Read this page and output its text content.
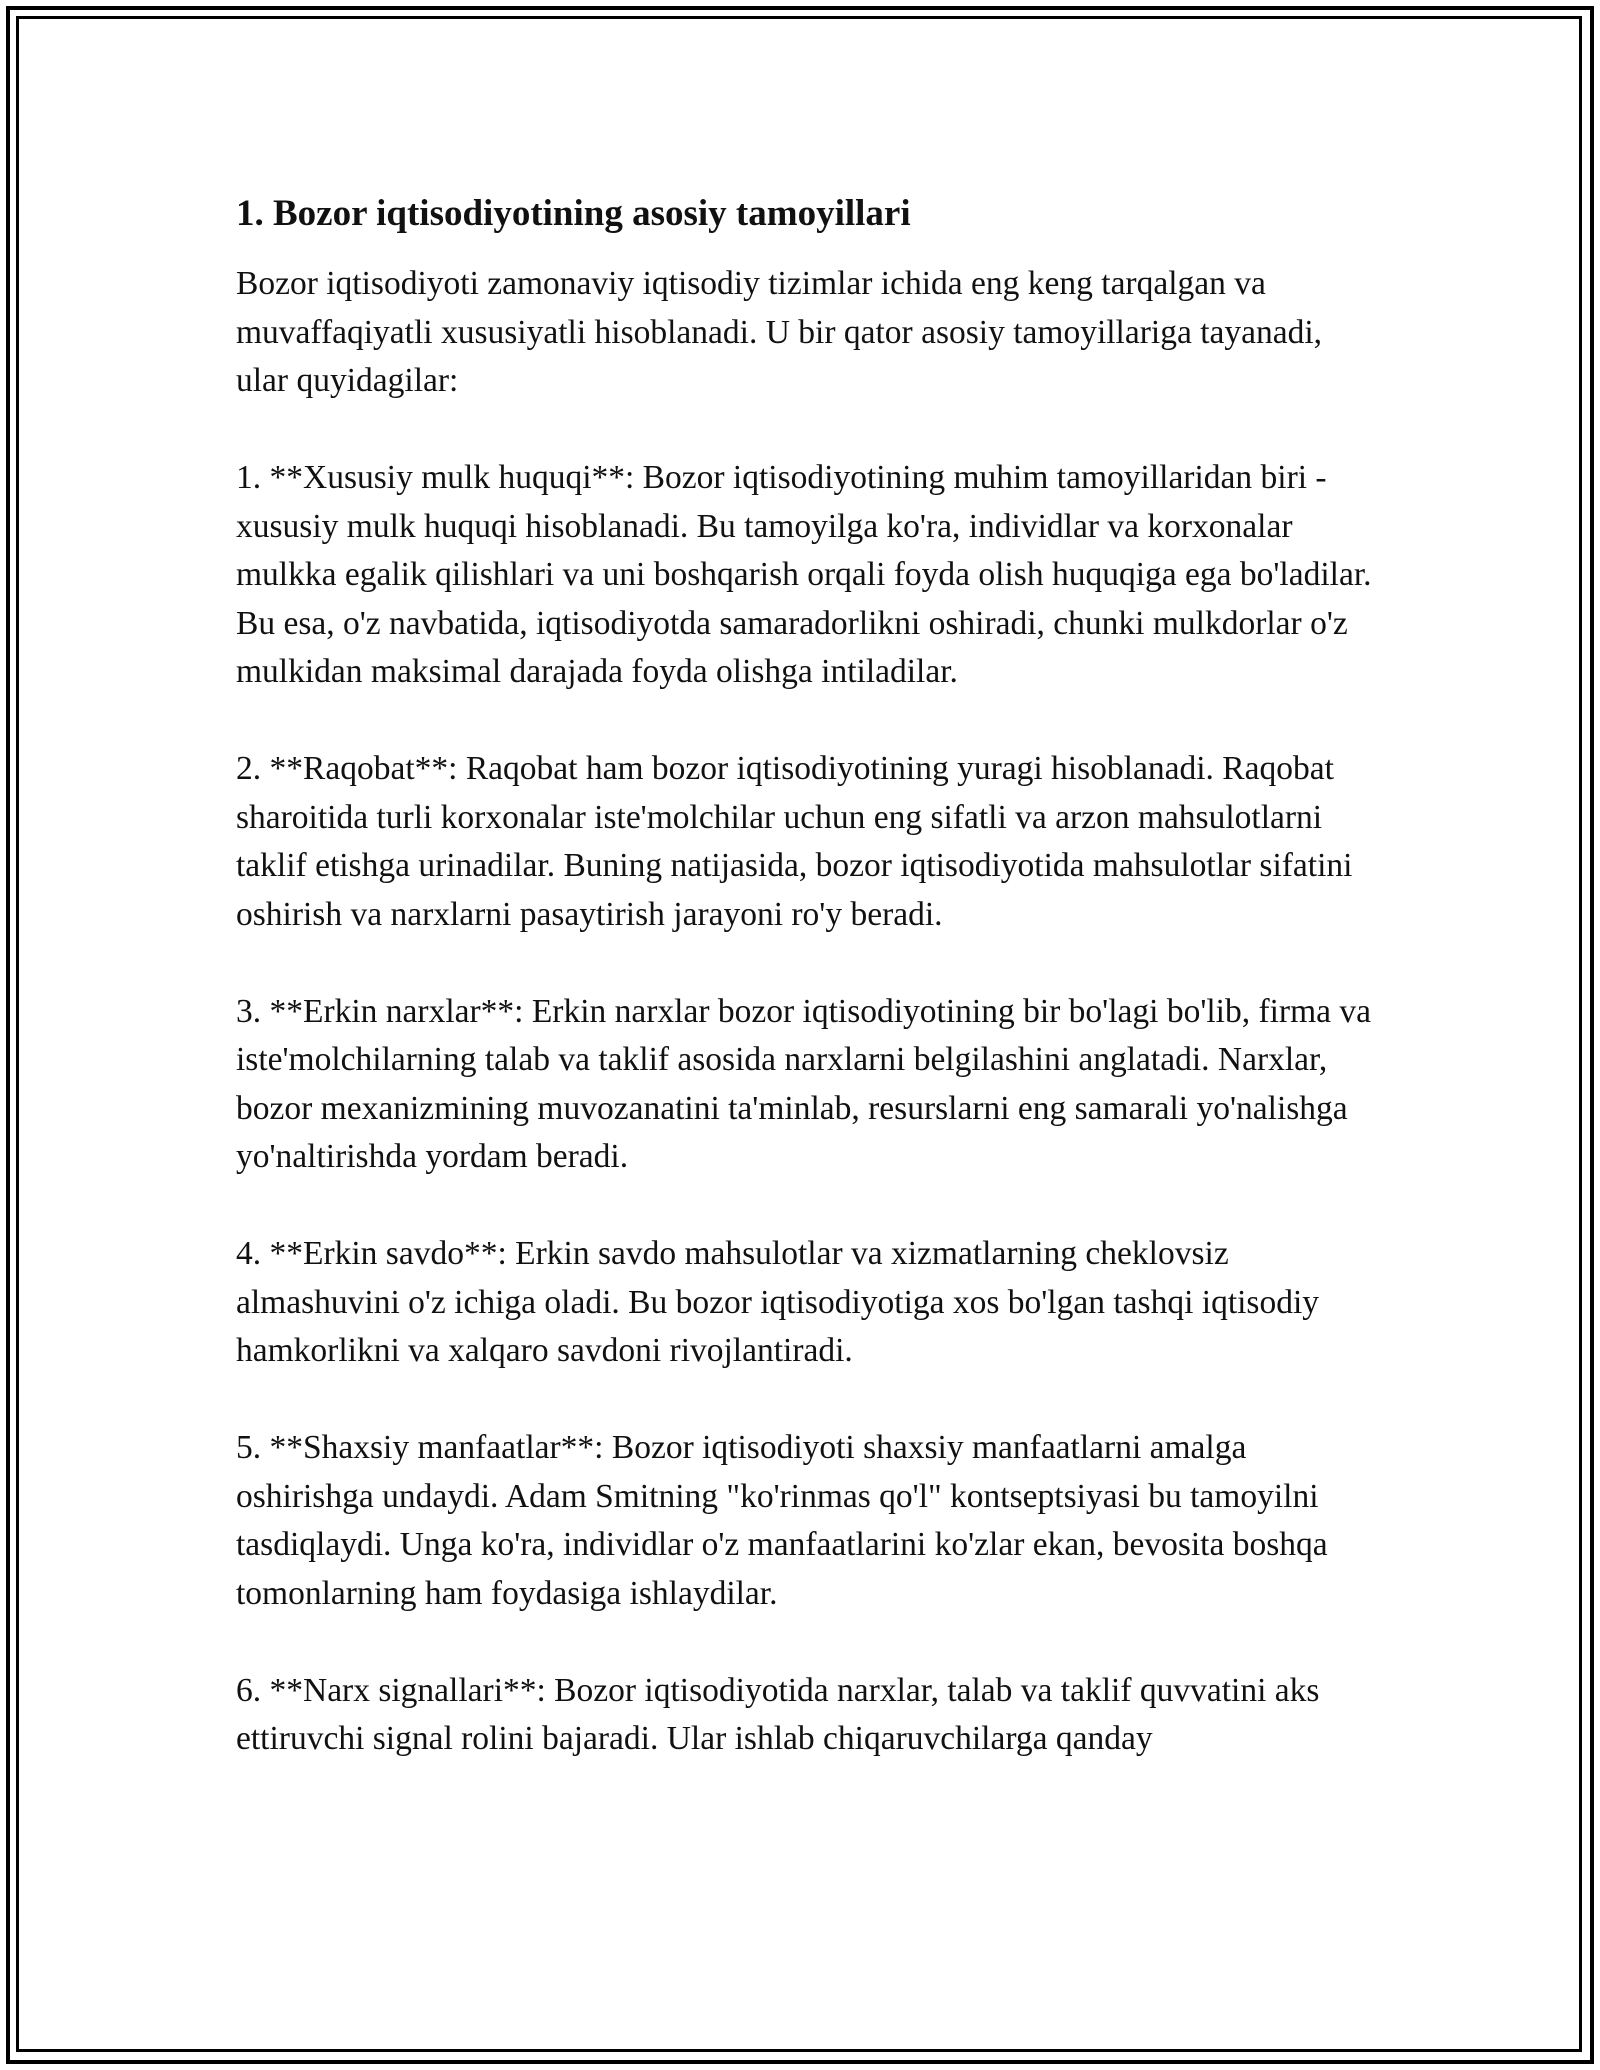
1. Bozor iqtisodiyotining asosiy tamoyillari

Bozor iqtisodiyoti zamonaviy iqtisodiy tizimlar ichida eng keng tarqalgan va muvaffaqiyatli xususiyatli hisoblanadi. U bir qator asosiy tamoyillariga tayanadi, ular quyidagilar:

1. **Xususiy mulk huquqi**: Bozor iqtisodiyotining muhim tamoyillaridan biri - xususiy mulk huquqi hisoblanadi. Bu tamoyilga ko'ra, individlar va korxonalar mulkka egalik qilishlari va uni boshqarish orqali foyda olish huquqiga ega bo'ladilar. Bu esa, o'z navbatida, iqtisodiyotda samaradorlikni oshiradi, chunki mulkdorlar o'z mulkidan maksimal darajada foyda olishga intiladilar.

2. **Raqobat**: Raqobat ham bozor iqtisodiyotining yuragi hisoblanadi. Raqobat sharoitida turli korxonalar iste'molchilar uchun eng sifatli va arzon mahsulotlarni taklif etishga urinadilar. Buning natijasida, bozor iqtisodiyotida mahsulotlar sifatini oshirish va narxlarni pasaytirish jarayoni ro'y beradi.

3. **Erkin narxlar**: Erkin narxlar bozor iqtisodiyotining bir bo'lagi bo'lib, firma va iste'molchilarning talab va taklif asosida narxlarni belgilashini anglatadi. Narxlar, bozor mexanizmining muvozanatini ta'minlab, resurslarni eng samarali yo'nalishga yo'naltirishda yordam beradi.

4. **Erkin savdo**: Erkin savdo mahsulotlar va xizmatlarning cheklovsiz almashuvini o'z ichiga oladi. Bu bozor iqtisodiyotiga xos bo'lgan tashqi iqtisodiy hamkorlikni va xalqaro savdoni rivojlantiradi.

5. **Shaxsiy manfaatlar**: Bozor iqtisodiyoti shaxsiy manfaatlarni amalga oshirishga undaydi. Adam Smitning "ko'rinmas qo'l" kontseptsiyasi bu tamoyilni tasdiqlaydi. Unga ko'ra, individlar o'z manfaatlarini ko'zlar ekan, bevosita boshqa tomonlarning ham foydasiga ishlaydilar.

6. **Narx signallari**: Bozor iqtisodiyotida narxlar, talab va taklif quvvatini aks ettiruvchi signal rolini bajaradi. Ular ishlab chiqaruvchilarga qanday
